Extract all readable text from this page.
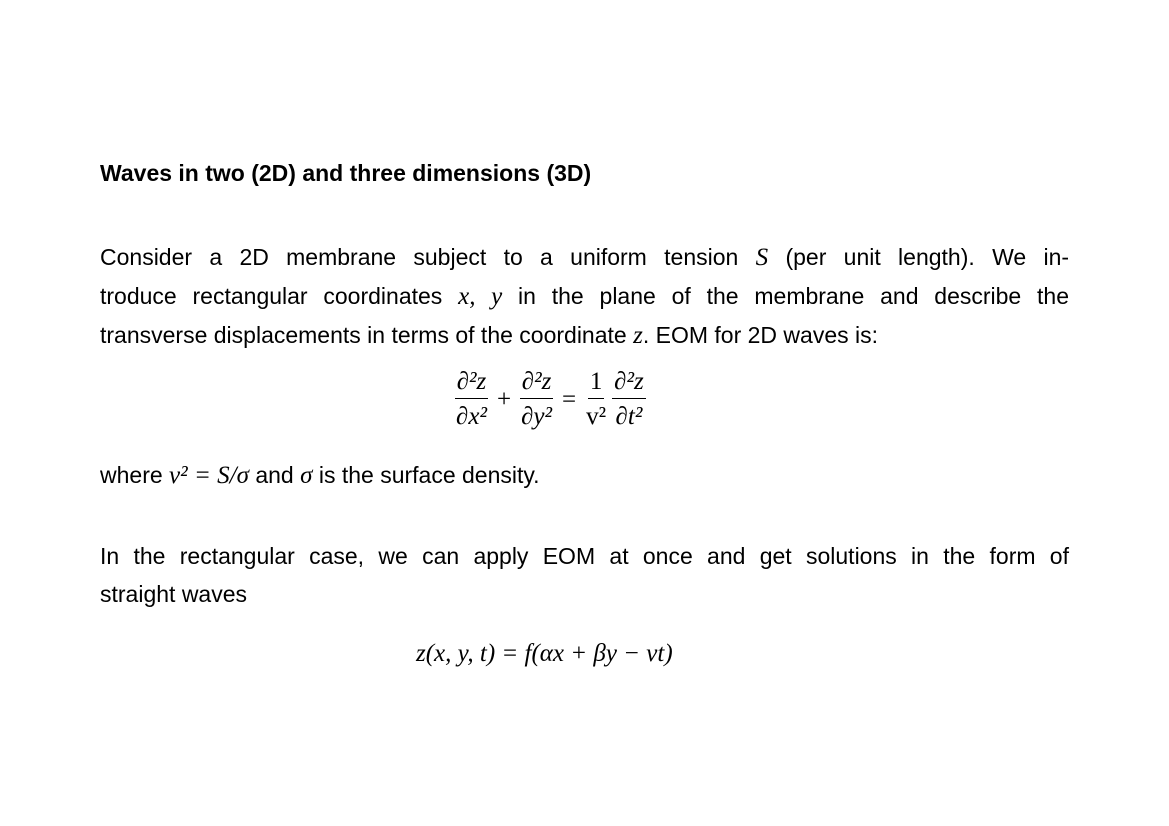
Waves in two (2D) and three dimensions (3D)

Consider a 2D membrane subject to a uniform tension S (per unit length). We in-
troduce rectangular coordinates x, y in the plane of the membrane and describe the
transverse displacements in terms of the coordinate z. EOM for 2D waves is:

$\frac{\text{∂²z}}{\text{∂x²}} + \frac{\text{∂²z}}{\text{∂y²}} = \frac{1}{\text{v²}} \frac{\text{∂²z}}{\text{∂t²}}$

where v² = S/σ and σ is the surface density.

In the rectangular case, we can apply EOM at once and get solutions in the form of
straight waves

z(x, y, t) = f(αx + βy − vt)
